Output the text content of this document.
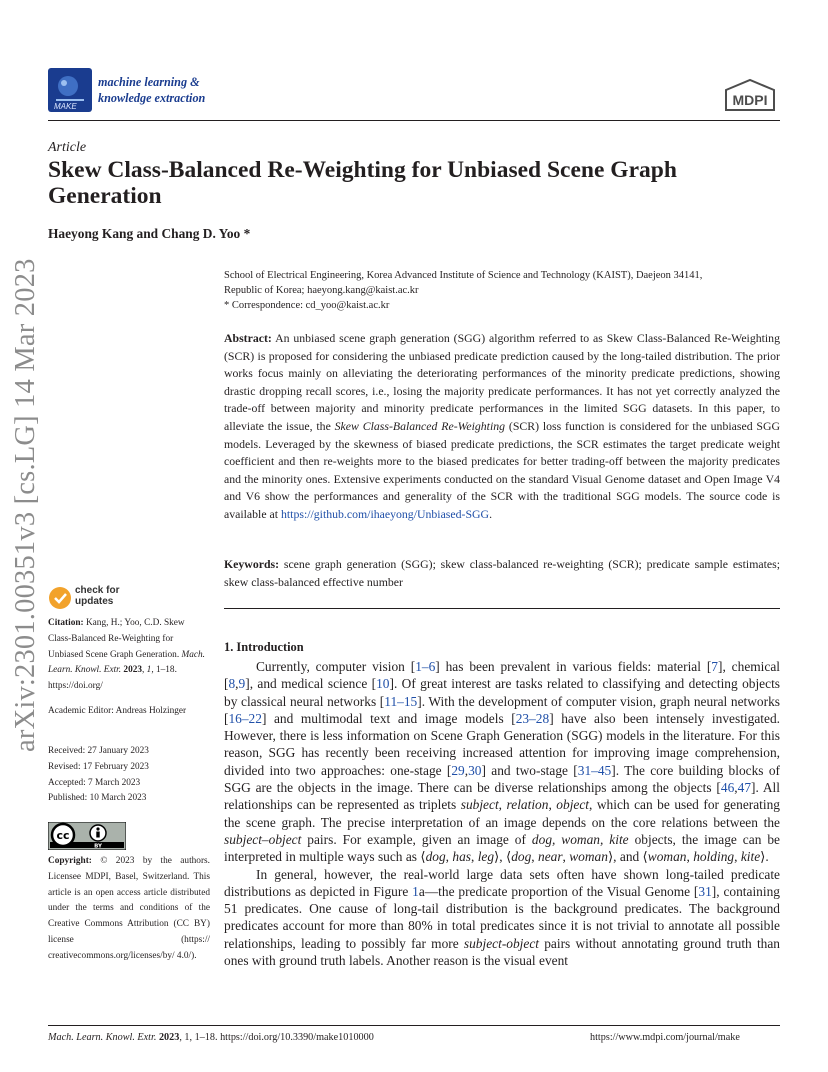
MAKE
machine learning &
knowledge extraction	MDPI
Article
Skew Class-Balanced Re-Weighting for Unbiased Scene Graph Generation
Haeyong Kang and Chang D. Yoo *
School of Electrical Engineering, Korea Advanced Institute of Science and Technology (KAIST), Daejeon 34141,
Republic of Korea; haeyong.kang@kaist.ac.kr
* Correspondence: cd_yoo@kaist.ac.kr
Abstract: An unbiased scene graph generation (SGG) algorithm referred to as Skew Class-Balanced Re-Weighting (SCR) is proposed for considering the unbiased predicate prediction caused by the long-tailed distribution. The prior works focus mainly on alleviating the deteriorating performances of the minority predicate predictions, showing drastic dropping recall scores, i.e., losing the majority predicate performances. It has not yet correctly analyzed the trade-off between majority and minority predicate performances in the limited SGG datasets. In this paper, to alleviate the issue, the Skew Class-Balanced Re-Weighting (SCR) loss function is considered for the unbiased SGG models. Leveraged by the skewness of biased predicate predictions, the SCR estimates the target predicate weight coefficient and then re-weights more to the biased predicates for better trading-off between the majority predicates and the minority ones. Extensive experiments conducted on the standard Visual Genome dataset and Open Image V4 and V6 show the performances and generality of the SCR with the traditional SGG models. The source code is available at https://github.com/ihaeyong/Unbiased-SGG.
Keywords: scene graph generation (SGG); skew class-balanced re-weighting (SCR); predicate sample estimates; skew class-balanced effective number
1. Introduction

Currently, computer vision [1–6] has been prevalent in various fields: material [7], chemical [8,9], and medical science [10]. Of great interest are tasks related to classifying and detecting objects by classical neural networks [11–15]. With the development of computer vision, graph neural networks [16–22] and multimodal text and image models [23–28] have also been intensely investigated. However, there is less information on Scene Graph Generation (SGG) models in the literature. For this reason, SGG has recently been receiving increased attention for improving image comprehension, divided into two approaches: one-stage [29,30] and two-stage [31–45]. The core building blocks of SGG are the objects in the image. There can be diverse relationships among the objects [46,47]. All relationships can be represented as triplets subject, relation, object, which can be used for generating the scene graph. The precise interpretation of an image depends on the core relations between the subject–object pairs. For example, given an image of dog, woman, kite objects, the image can be interpreted in multiple ways such as ⟨dog, has, leg⟩, ⟨dog, near, woman⟩, and ⟨woman, holding, kite⟩.

In general, however, the real-world large data sets often have shown long-tailed predicate distributions as depicted in Figure 1a—the predicate proportion of the Visual Genome [31], containing 51 predicates. One cause of long-tail distribution is the background predicates. The background predicates account for more than 80% in total predicates since it is not trivial to annotate all possible relationships, leading to possibly far more subject-object pairs without annotating ground truth than ones with ground truth labels. Another reason is the visual event

arXiv:2301.00351v3 [cs.LG] 14 Mar 2023	check for
updates
Citation: Kang, H.; Yoo, C.D. Skew Class-Balanced Re-Weighting for Unbiased Scene Graph Generation. Mach. Learn. Knowl. Extr. 2023, 1, 1–18. https://doi.org/
Academic Editor: Andreas Holzinger
Received: 27 January 2023
Revised: 17 February 2023
Accepted: 7 March 2023
Published: 10 March 2023
cc
BY
Copyright: © 2023 by the authors. Licensee MDPI, Basel, Switzerland. This article is an open access article distributed under the terms and conditions of the Creative Commons Attribution (CC BY) license (https:// creativecommons.org/licenses/by/ 4.0/).
Mach. Learn. Knowl. Extr. 2023, 1, 1–18. https://doi.org/10.3390/make1010000	https://www.mdpi.com/journal/make
